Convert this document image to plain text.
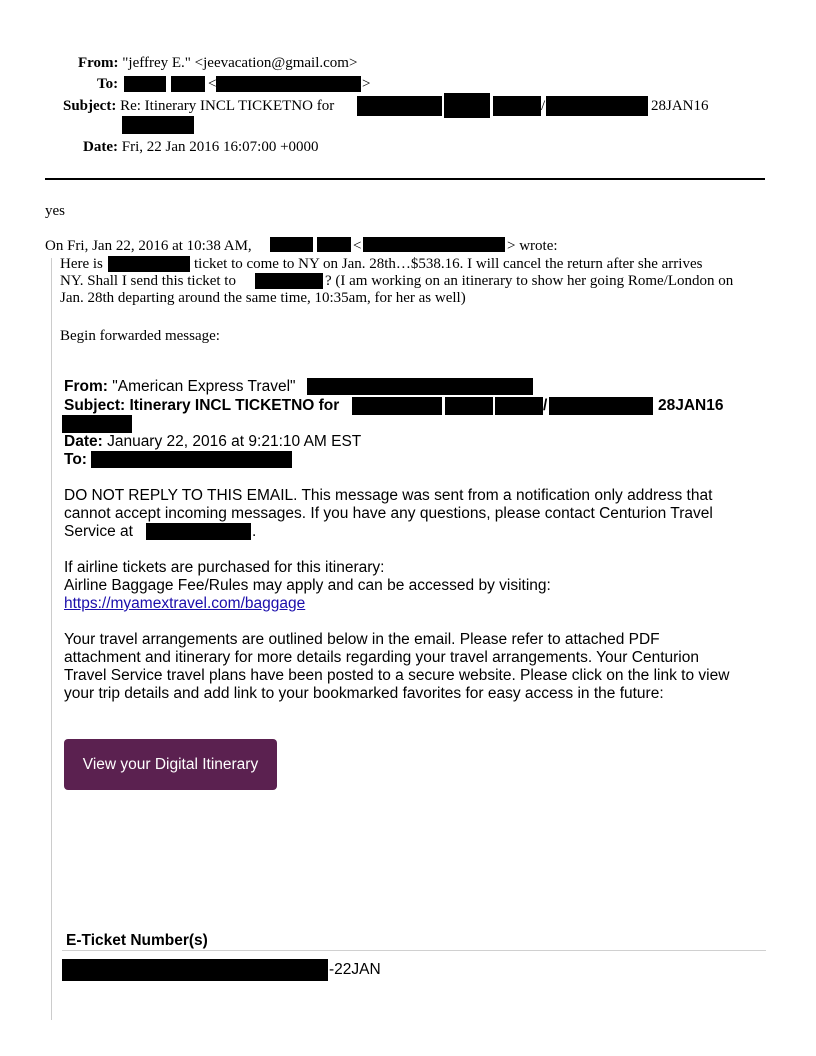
From: "jeffrey E." <jeevacation@gmail.com>
To:	<	>
Subject: Re: Itinerary INCL TICKETNO for	/	28JAN16
Date: Fri, 22 Jan 2016 16:07:00 +0000
yes
On Fri, Jan 22, 2016 at 10:38 AM,	<	> wrote:
Here is	ticket to come to NY on Jan. 28th…$538.16. I will cancel the return after she arrives
NY. Shall I send this ticket to	? (I am working on an itinerary to show her going Rome/London on
Jan. 28th departing around the same time, 10:35am, for her as well)
Begin forwarded message:
From: "American Express Travel"
Subject: Itinerary INCL TICKETNO for	/	28JAN16
Date: January 22, 2016 at 9:21:10 AM EST
To:
DO NOT REPLY TO THIS EMAIL. This message was sent from a notification only address that
cannot accept incoming messages. If you have any questions, please contact Centurion Travel
Service at	.
If airline tickets are purchased for this itinerary:
Airline Baggage Fee/Rules may apply and can be accessed by visiting:
https://myamextravel.com/baggage
Your travel arrangements are outlined below in the email. Please refer to attached PDF
attachment and itinerary for more details regarding your travel arrangements. Your Centurion
Travel Service travel plans have been posted to a secure website. Please click on the link to view
your trip details and add link to your bookmarked favorites for easy access in the future:
View your Digital Itinerary
E-Ticket Number(s)
-22JAN
